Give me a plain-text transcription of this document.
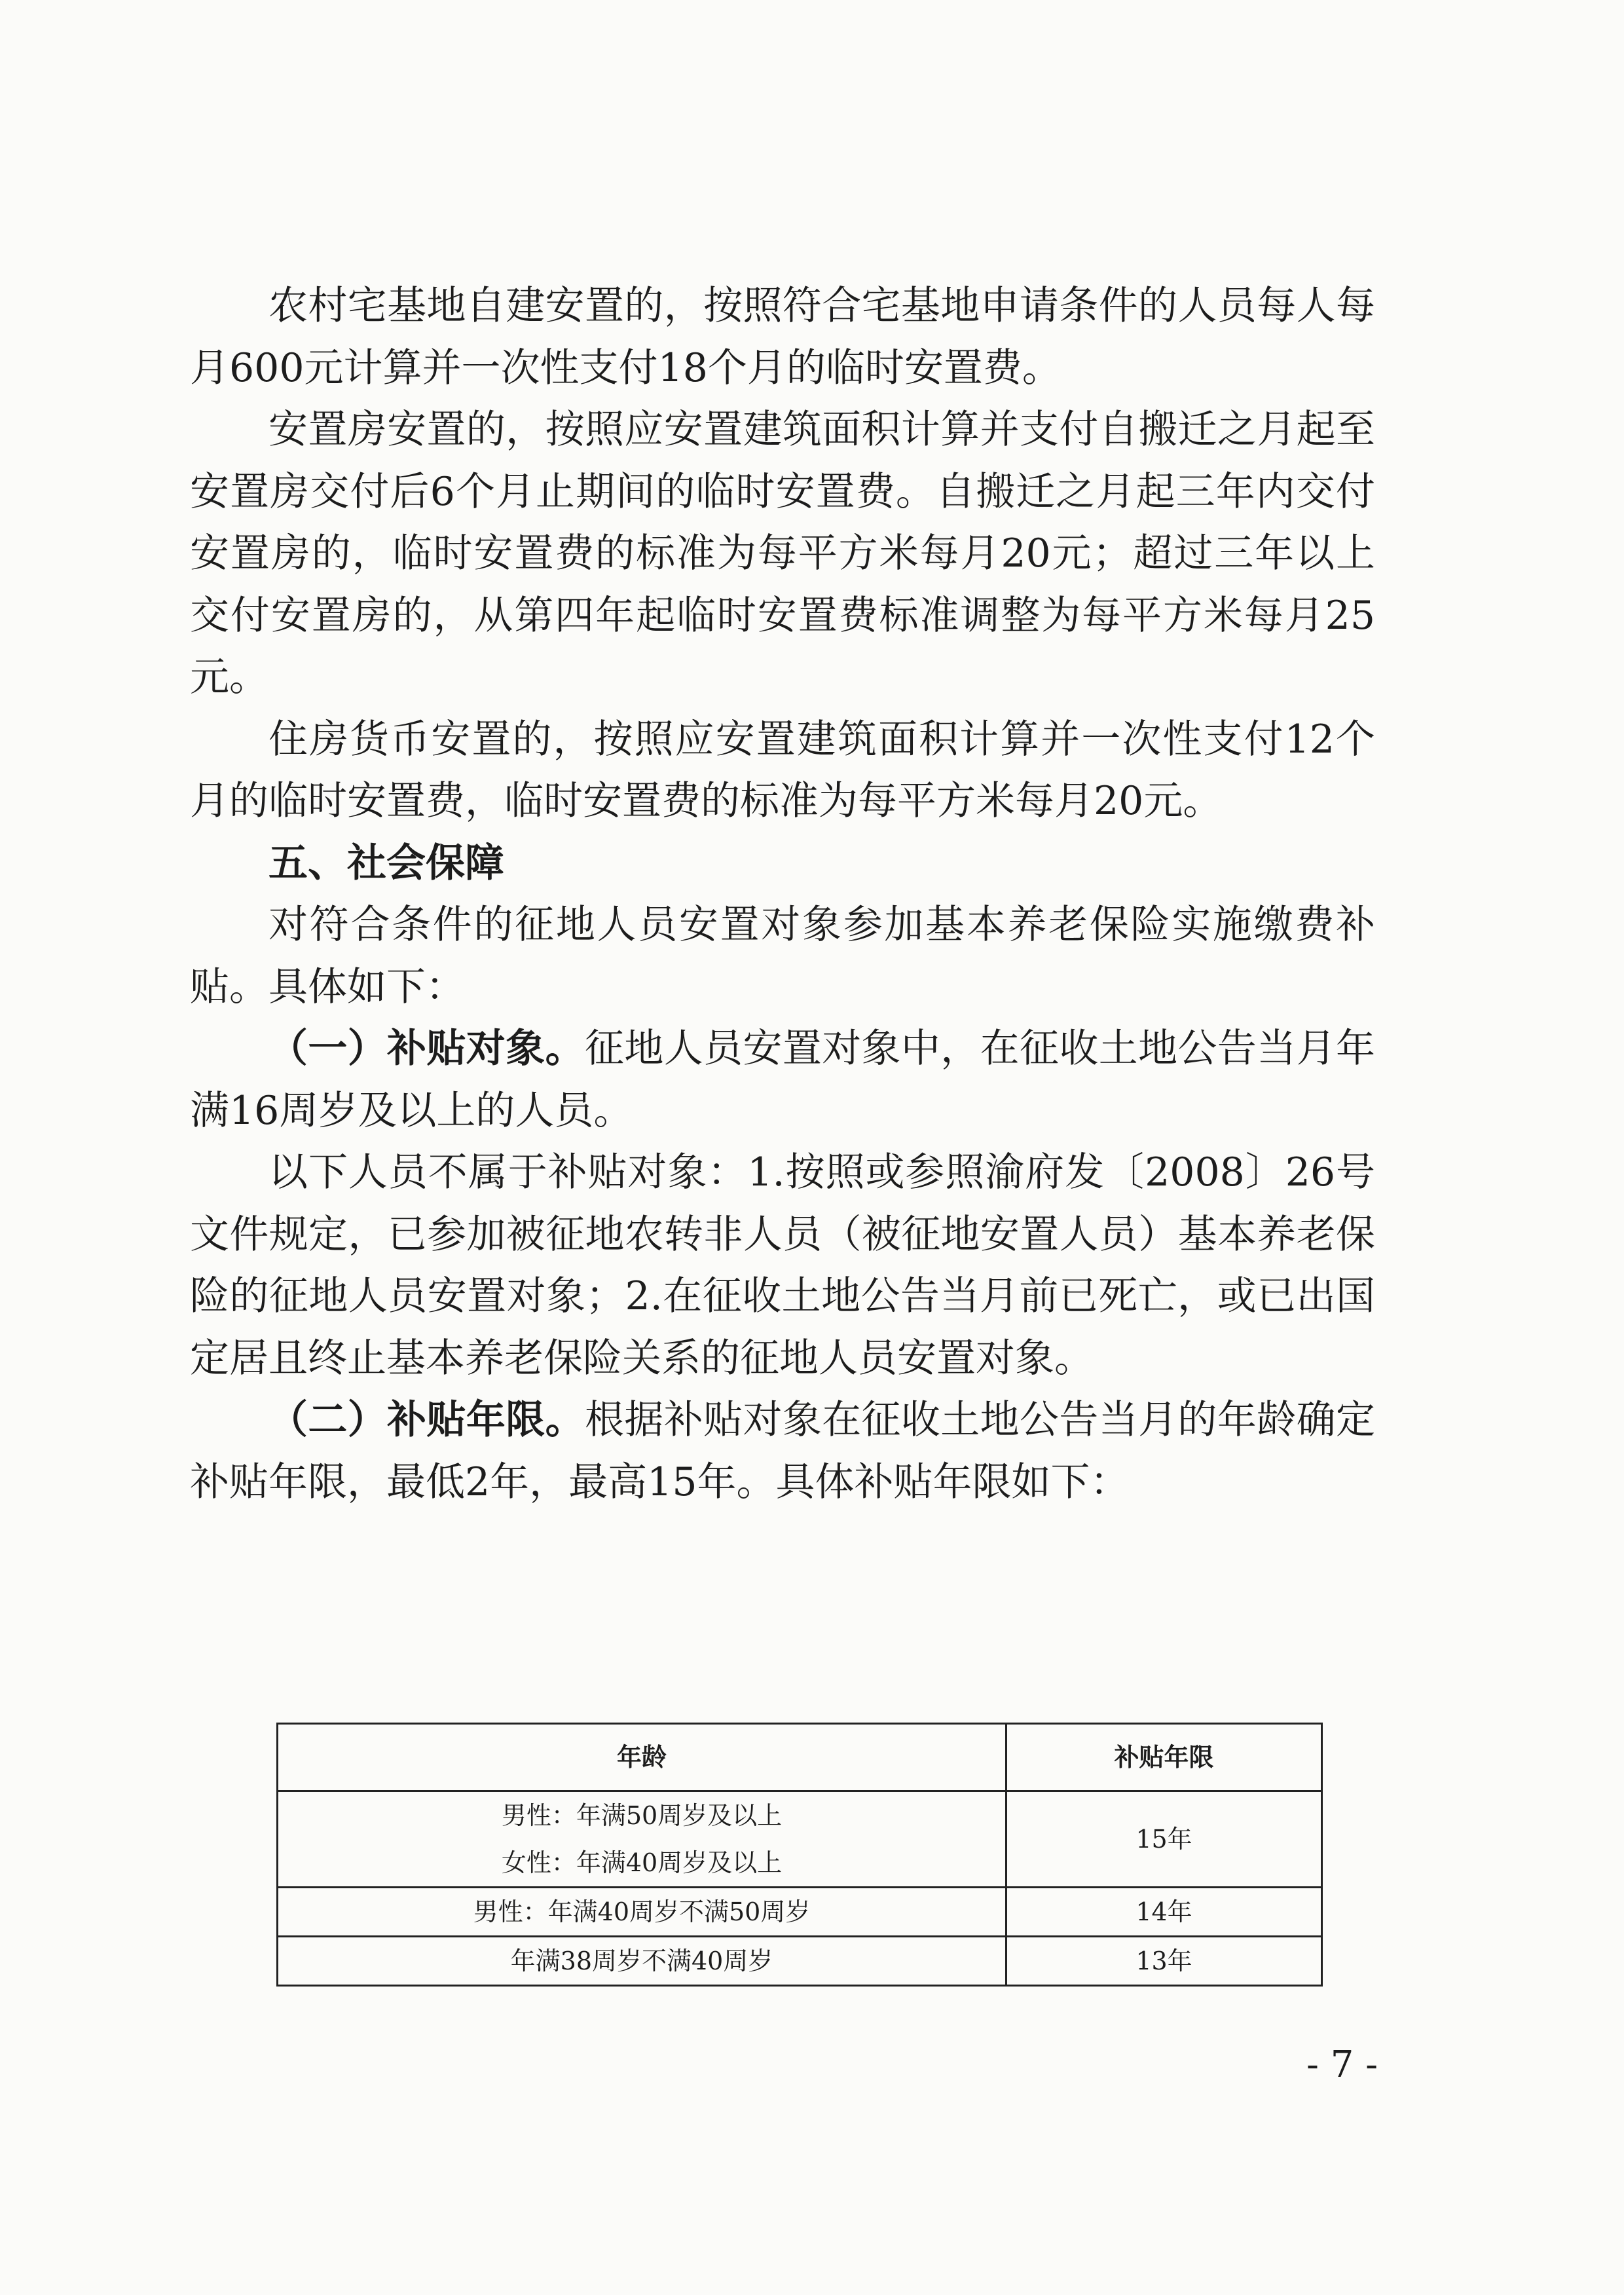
农村宅基地自建安置的，按照符合宅基地申请条件的人员每人每月600元计算并一次性支付18个月的临时安置费。

安置房安置的，按照应安置建筑面积计算并支付自搬迁之月起至安置房交付后6个月止期间的临时安置费。自搬迁之月起三年内交付安置房的，临时安置费的标准为每平方米每月20元；超过三年以上交付安置房的，从第四年起临时安置费标准调整为每平方米每月25元。

住房货币安置的，按照应安置建筑面积计算并一次性支付12个月的临时安置费，临时安置费的标准为每平方米每月20元。

五、社会保障

对符合条件的征地人员安置对象参加基本养老保险实施缴费补贴。具体如下：

（一）补贴对象。征地人员安置对象中，在征收土地公告当月年满16周岁及以上的人员。

以下人员不属于补贴对象：1.按照或参照渝府发〔2008〕26号文件规定，已参加被征地农转非人员（被征地安置人员）基本养老保险的征地人员安置对象；2.在征收土地公告当月前已死亡，或已出国定居且终止基本养老保险关系的征地人员安置对象。

（二）补贴年限。根据补贴对象在征收土地公告当月的年龄确定补贴年限，最低2年，最高15年。具体补贴年限如下：

年龄	补贴年限

男性：年满50周岁及以上
女性：年满40周岁及以上	15年
男性：年满40周岁不满50周岁	14年
年满38周岁不满40周岁	13年
- 7 -
